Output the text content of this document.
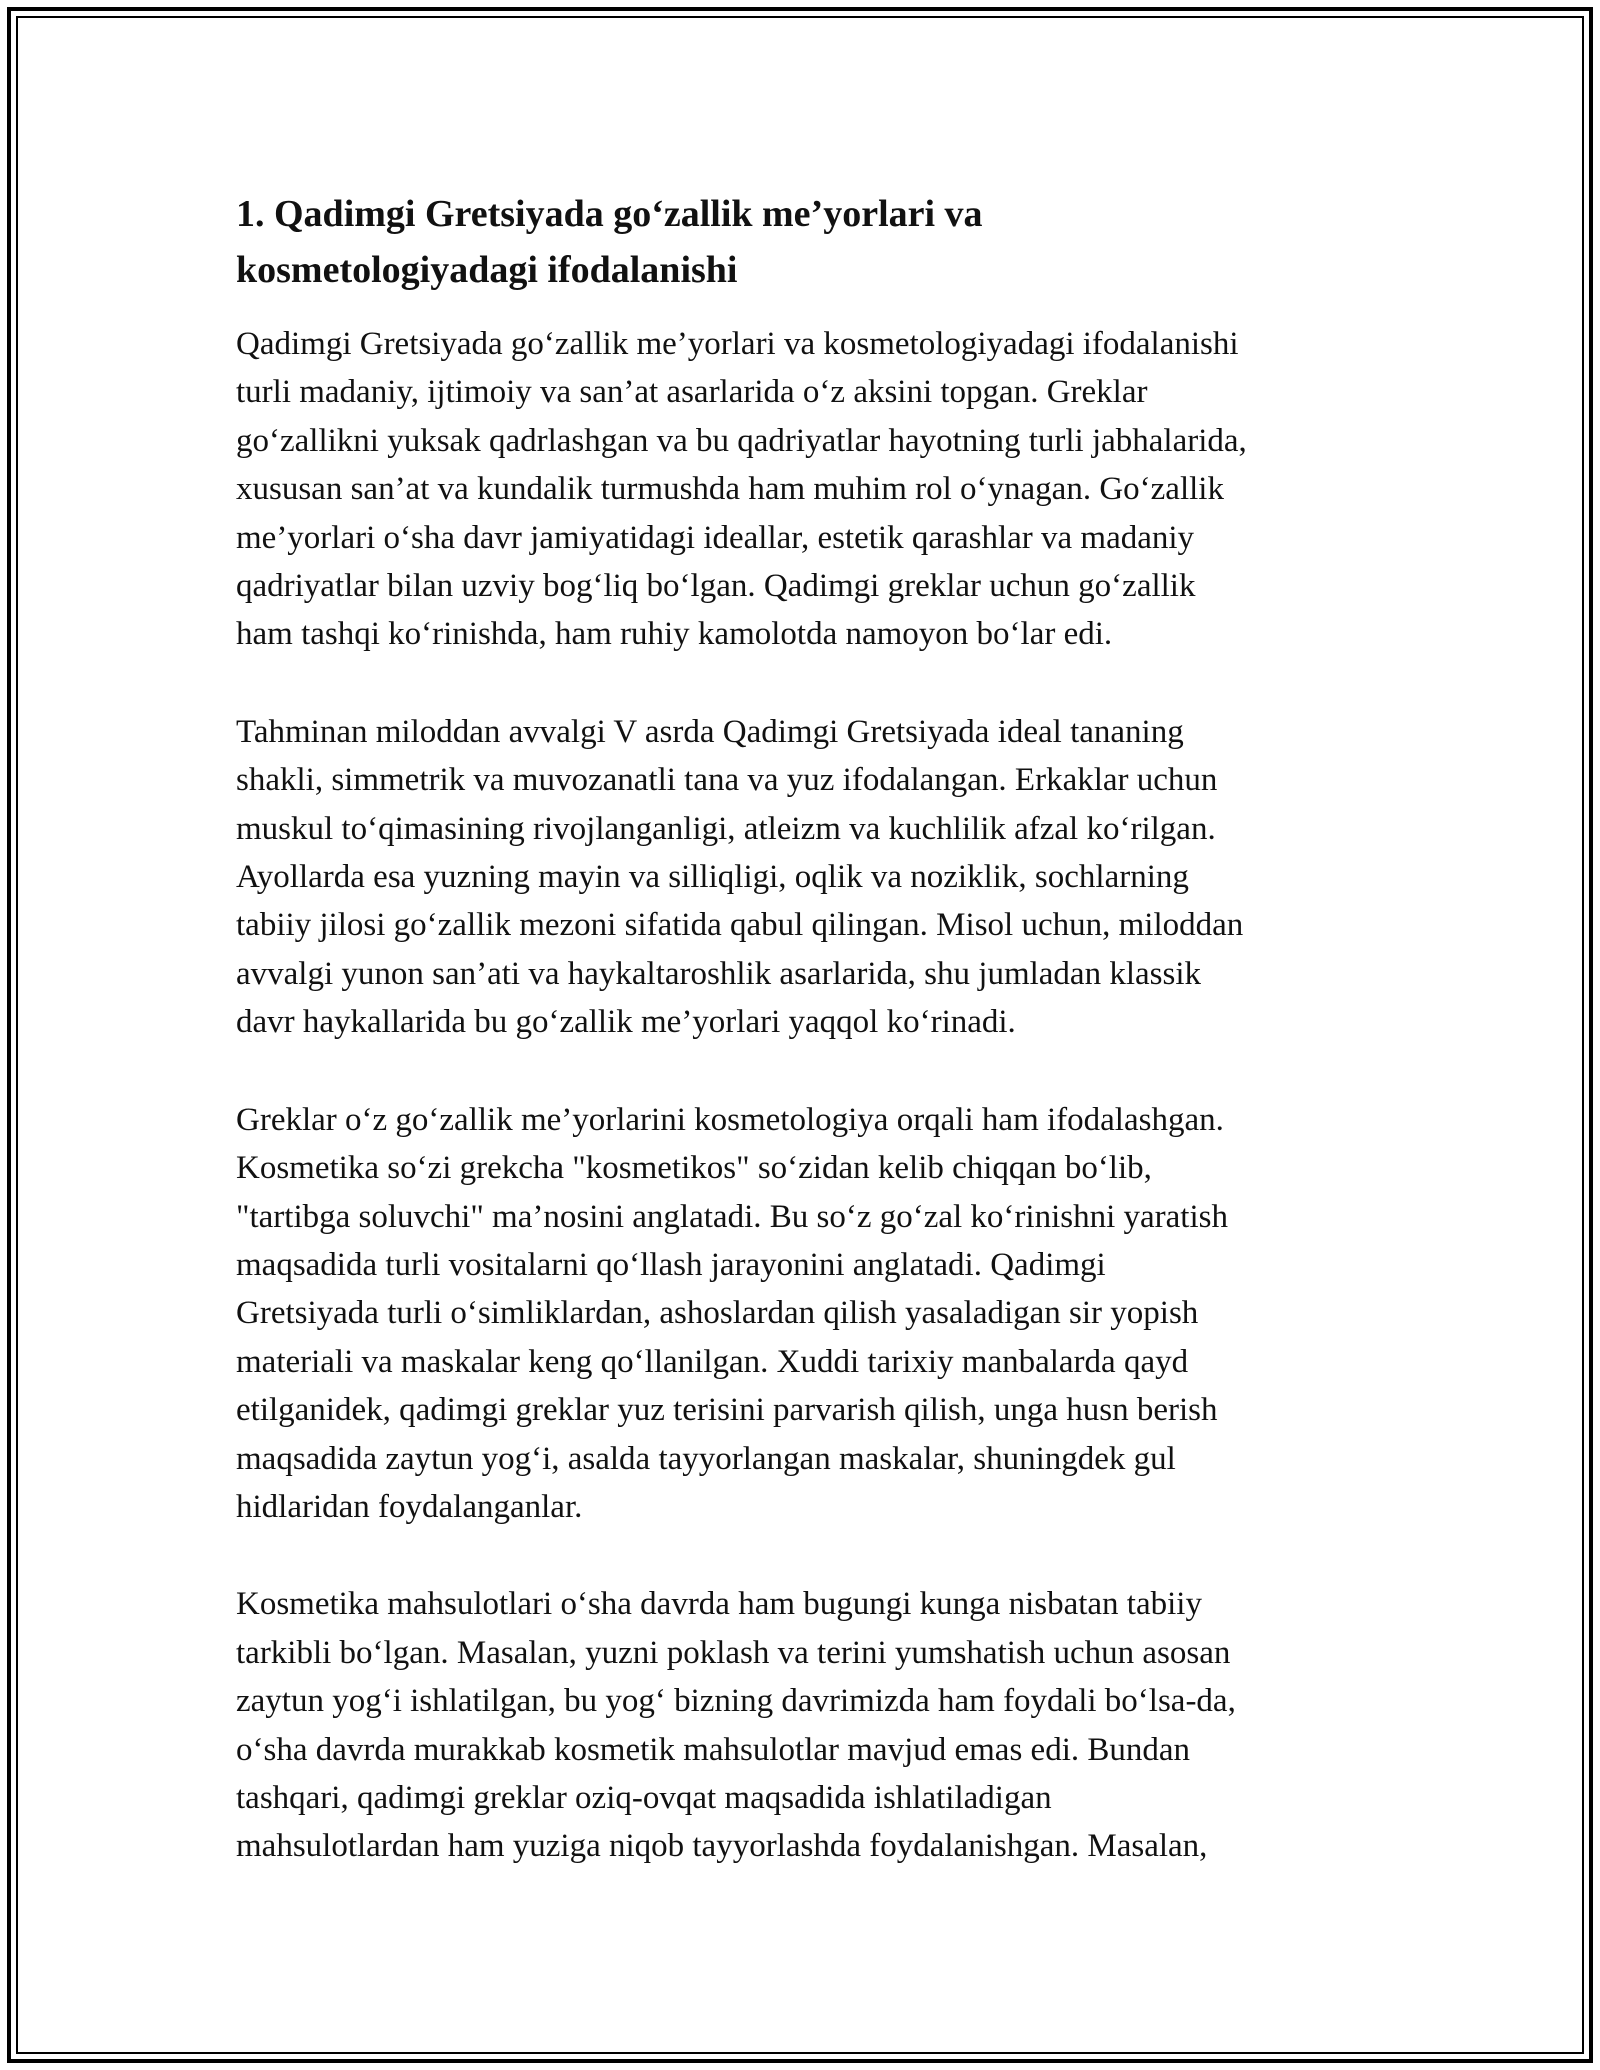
1. Qadimgi Gretsiyada go‘zallik me’yorlari va
kosmetologiyadagi ifodalanishi

Qadimgi Gretsiyada go‘zallik me’yorlari va kosmetologiyadagi ifodalanishi
turli madaniy, ijtimoiy va san’at asarlarida o‘z aksini topgan. Greklar
go‘zallikni yuksak qadrlashgan va bu qadriyatlar hayotning turli jabhalarida,
xususan san’at va kundalik turmushda ham muhim rol o‘ynagan. Go‘zallik
me’yorlari o‘sha davr jamiyatidagi ideallar, estetik qarashlar va madaniy
qadriyatlar bilan uzviy bog‘liq bo‘lgan. Qadimgi greklar uchun go‘zallik
ham tashqi ko‘rinishda, ham ruhiy kamolotda namoyon bo‘lar edi.

Tahminan miloddan avvalgi V asrda Qadimgi Gretsiyada ideal tananing
shakli, simmetrik va muvozanatli tana va yuz ifodalangan. Erkaklar uchun
muskul to‘qimasining rivojlanganligi, atleizm va kuchlilik afzal ko‘rilgan.
Ayollarda esa yuzning mayin va silliqligi, oqlik va noziklik, sochlarning
tabiiy jilosi go‘zallik mezoni sifatida qabul qilingan. Misol uchun, miloddan
avvalgi yunon san’ati va haykaltaroshlik asarlarida, shu jumladan klassik
davr haykallarida bu go‘zallik me’yorlari yaqqol ko‘rinadi.

Greklar o‘z go‘zallik me’yorlarini kosmetologiya orqali ham ifodalashgan.
Kosmetika so‘zi grekcha "kosmetikos" so‘zidan kelib chiqqan bo‘lib,
"tartibga soluvchi" ma’nosini anglatadi. Bu so‘z go‘zal ko‘rinishni yaratish
maqsadida turli vositalarni qo‘llash jarayonini anglatadi. Qadimgi
Gretsiyada turli o‘simliklardan, ashoslardan qilish yasaladigan sir yopish
materiali va maskalar keng qo‘llanilgan. Xuddi tarixiy manbalarda qayd
etilganidek, qadimgi greklar yuz terisini parvarish qilish, unga husn berish
maqsadida zaytun yog‘i, asalda tayyorlangan maskalar, shuningdek gul
hidlaridan foydalanganlar.

Kosmetika mahsulotlari o‘sha davrda ham bugungi kunga nisbatan tabiiy
tarkibli bo‘lgan. Masalan, yuzni poklash va terini yumshatish uchun asosan
zaytun yog‘i ishlatilgan, bu yog‘ bizning davrimizda ham foydali bo‘lsa-da,
o‘sha davrda murakkab kosmetik mahsulotlar mavjud emas edi. Bundan
tashqari, qadimgi greklar oziq-ovqat maqsadida ishlatiladigan
mahsulotlardan ham yuziga niqob tayyorlashda foydalanishgan. Masalan,
